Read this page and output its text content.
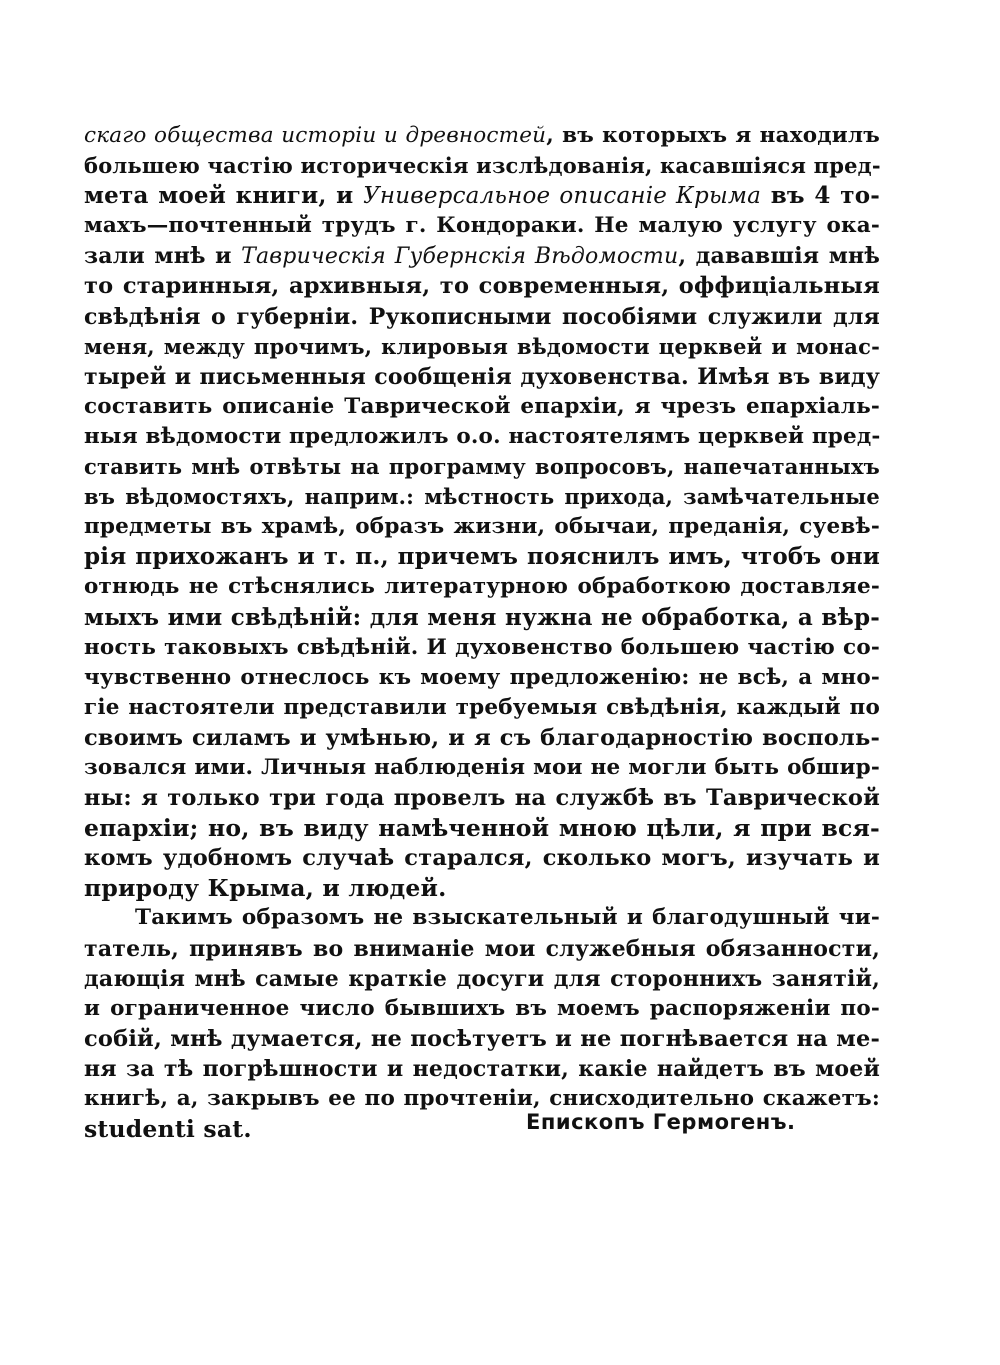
скаго общества исторіи и древностей, въ которыхъ я находилъ
большею частію историческія изслѣдованія, касавшіяся пред-
мета моей книги, и Универсальное описаніе Крыма въ 4 то-
махъ—почтенный трудъ г. Кондораки. Не малую услугу ока-
зали мнѣ и Таврическія Губернскія Вѣдомости, дававшія мнѣ
то старинныя, архивныя, то современныя, оффиціальныя
свѣдѣнія о губерніи. Рукописными пособіями служили для
меня, между прочимъ, клировыя вѣдомости церквей и монас-
тырей и письменныя сообщенія духовенства. Имѣя въ виду
составить описаніе Таврической епархіи, я чрезъ епархіаль-
ныя вѣдомости предложилъ о.о. настоятелямъ церквей пред-
ставить мнѣ отвѣты на программу вопросовъ, напечатанныхъ
въ вѣдомостяхъ, наприм.: мѣстность прихода, замѣчательные
предметы въ храмѣ, образъ жизни, обычаи, преданія, суевѣ-
рія прихожанъ и т. п., причемъ пояснилъ имъ, чтобъ они
отнюдь не стѣснялись литературною обработкою доставляе-
мыхъ ими свѣдѣній: для меня нужна не обработка, а вѣр-
ность таковыхъ свѣдѣній. И духовенство большею частію со-
чувственно отнеслось къ моему предложенію: не всѣ, а мно-
гіе настоятели представили требуемыя свѣдѣнія, каждый по
своимъ силамъ и умѣнью, и я съ благодарностію восполь-
зовался ими. Личныя наблюденія мои не могли быть обшир-
ны: я только три года провелъ на службѣ въ Таврической
епархіи; но, въ виду намѣченной мною цѣли, я при вся-
комъ удобномъ случаѣ старался, сколько могъ, изучать и
природу Крыма, и людей.
Такимъ образомъ не взыскательный и благодушный чи-
татель, принявъ во вниманіе мои служебныя обязанности,
дающія мнѣ самые краткіе досуги для стороннихъ занятій,
и ограниченное число бывшихъ въ моемъ распоряженіи по-
собій, мнѣ думается, не посѣтуетъ и не погнѣвается на ме-
ня за тѣ погрѣшности и недостатки, какіе найдетъ въ моей
книгѣ, а, закрывъ ее по прочтеніи, снисходительно скажетъ:
studenti sat.	Епископъ Гермогенъ.
